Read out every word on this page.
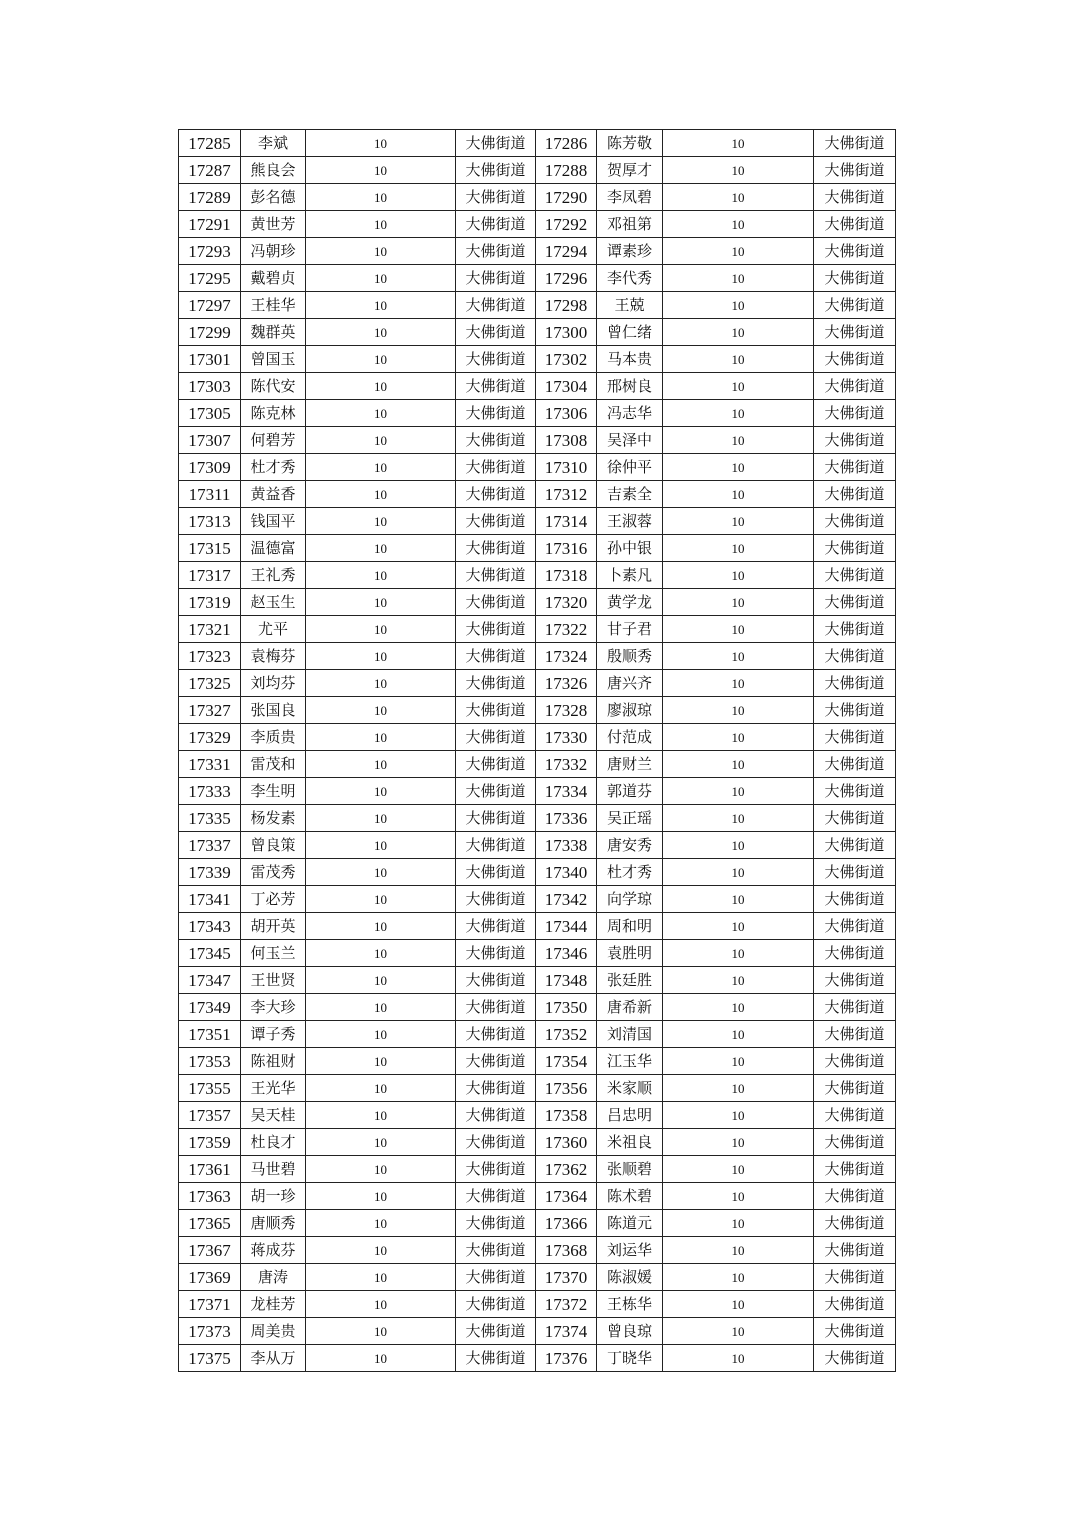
17285	李斌	10	大佛街道	17286	陈芳敬	10	大佛街道
17287	熊良会	10	大佛街道	17288	贺厚才	10	大佛街道
17289	彭名德	10	大佛街道	17290	李凤碧	10	大佛街道
17291	黄世芳	10	大佛街道	17292	邓祖第	10	大佛街道
17293	冯朝珍	10	大佛街道	17294	谭素珍	10	大佛街道
17295	戴碧贞	10	大佛街道	17296	李代秀	10	大佛街道
17297	王桂华	10	大佛街道	17298	王兢	10	大佛街道
17299	魏群英	10	大佛街道	17300	曾仁绪	10	大佛街道
17301	曾国玉	10	大佛街道	17302	马本贵	10	大佛街道
17303	陈代安	10	大佛街道	17304	邢树良	10	大佛街道
17305	陈克林	10	大佛街道	17306	冯志华	10	大佛街道
17307	何碧芳	10	大佛街道	17308	吴泽中	10	大佛街道
17309	杜才秀	10	大佛街道	17310	徐仲平	10	大佛街道
17311	黄益香	10	大佛街道	17312	吉素全	10	大佛街道
17313	钱国平	10	大佛街道	17314	王淑蓉	10	大佛街道
17315	温德富	10	大佛街道	17316	孙中银	10	大佛街道
17317	王礼秀	10	大佛街道	17318	卜素凡	10	大佛街道
17319	赵玉生	10	大佛街道	17320	黄学龙	10	大佛街道
17321	尤平	10	大佛街道	17322	甘子君	10	大佛街道
17323	袁梅芬	10	大佛街道	17324	殷顺秀	10	大佛街道
17325	刘均芬	10	大佛街道	17326	唐兴齐	10	大佛街道
17327	张国良	10	大佛街道	17328	廖淑琼	10	大佛街道
17329	李质贵	10	大佛街道	17330	付范成	10	大佛街道
17331	雷茂和	10	大佛街道	17332	唐财兰	10	大佛街道
17333	李生明	10	大佛街道	17334	郭道芬	10	大佛街道
17335	杨发素	10	大佛街道	17336	吴正瑶	10	大佛街道
17337	曾良策	10	大佛街道	17338	唐安秀	10	大佛街道
17339	雷茂秀	10	大佛街道	17340	杜才秀	10	大佛街道
17341	丁必芳	10	大佛街道	17342	向学琼	10	大佛街道
17343	胡开英	10	大佛街道	17344	周和明	10	大佛街道
17345	何玉兰	10	大佛街道	17346	袁胜明	10	大佛街道
17347	王世贤	10	大佛街道	17348	张廷胜	10	大佛街道
17349	李大珍	10	大佛街道	17350	唐希新	10	大佛街道
17351	谭子秀	10	大佛街道	17352	刘清国	10	大佛街道
17353	陈祖财	10	大佛街道	17354	江玉华	10	大佛街道
17355	王光华	10	大佛街道	17356	米家顺	10	大佛街道
17357	吴天桂	10	大佛街道	17358	吕忠明	10	大佛街道
17359	杜良才	10	大佛街道	17360	米祖良	10	大佛街道
17361	马世碧	10	大佛街道	17362	张顺碧	10	大佛街道
17363	胡一珍	10	大佛街道	17364	陈术碧	10	大佛街道
17365	唐顺秀	10	大佛街道	17366	陈道元	10	大佛街道
17367	蒋成芬	10	大佛街道	17368	刘运华	10	大佛街道
17369	唐涛	10	大佛街道	17370	陈淑媛	10	大佛街道
17371	龙桂芳	10	大佛街道	17372	王栋华	10	大佛街道
17373	周美贵	10	大佛街道	17374	曾良琼	10	大佛街道
17375	李从万	10	大佛街道	17376	丁晓华	10	大佛街道
